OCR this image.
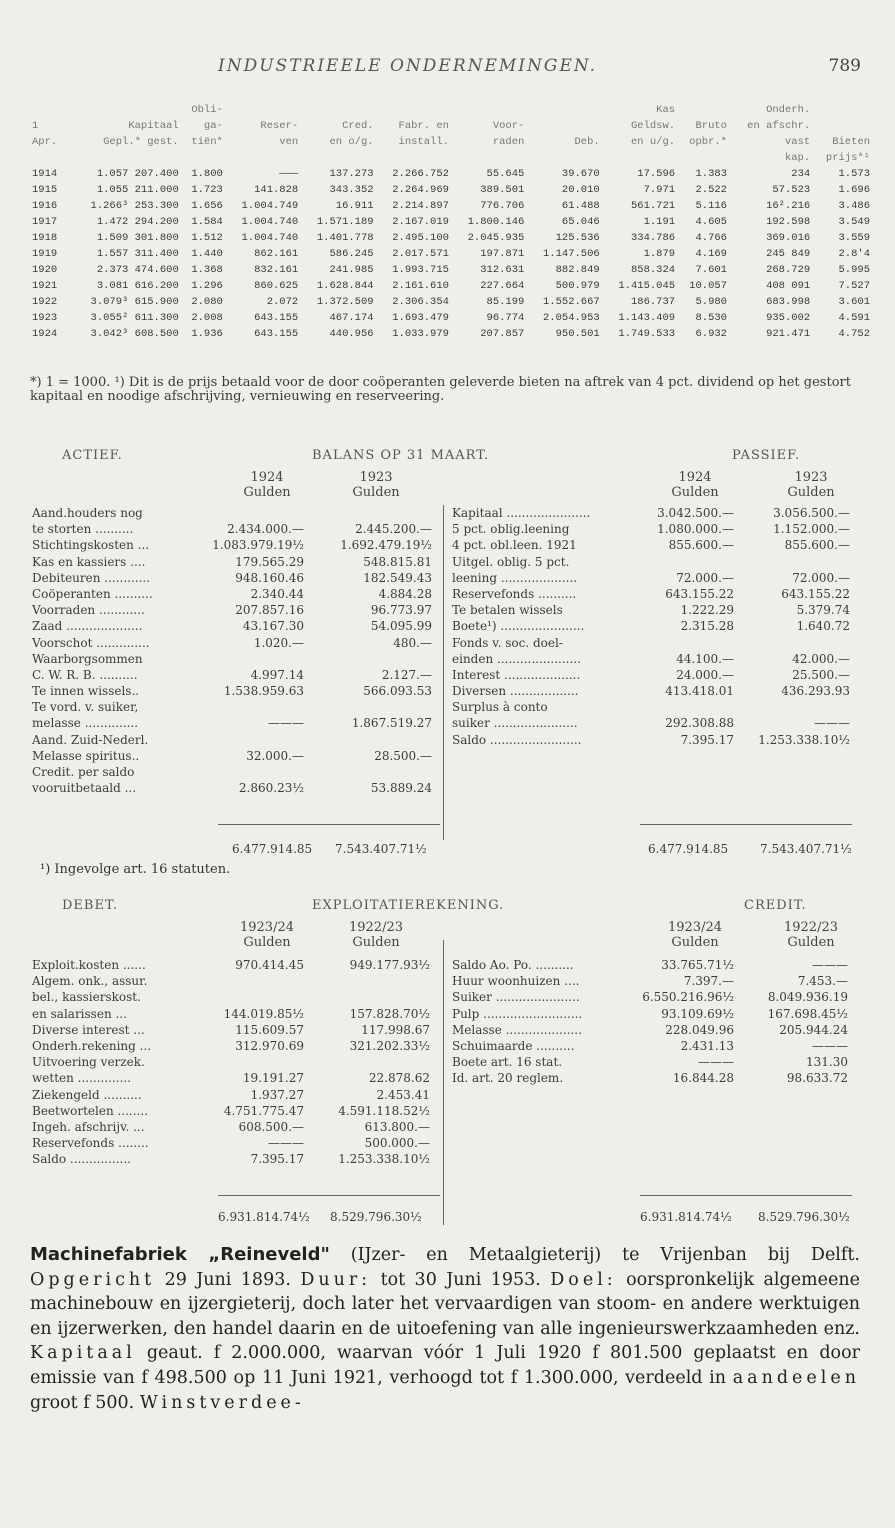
INDUSTRIEELE ONDERNEMINGEN.	789
		Obli-						Kas		Onderh.	
1	Kapitaal	ga-	Reser-	Cred.	Fabr. en	Voor-		Geldsw.	Bruto	en afschr.	
Apr.	Gepl.* gest.	tiën*	ven	en o/g.	install.	raden	Deb.	en u/g.	opbr.*	vast	Bieten
										kap.	prijs*¹
1914	1.057 207.400	1.800	———	137.273	2.266.752	55.645	39.670	17.596	1.383	234	1.573
1915	1.055 211.000	1.723	141.828	343.352	2.264.969	389.501	20.010	7.971	2.522	57.523	1.696
1916	1.266³ 253.300	1.656	1.004.749	16.911	2.214.897	776.706	61.488	561.721	5.116	16².216	3.486
1917	1.472 294.200	1.584	1.004.740	1.571.189	2.167.019	1.800.146	65.046	1.191	4.605	192.598	3.549
1918	1.509 301.800	1.512	1.004.740	1.401.778	2.495.100	2.045.935	125.536	334.786	4.766	369.016	3.559
1919	1.557 311.400	1.440	862.161	586.245	2.017.571	197.871	1.147.506	1.879	4.169	245 849	2.8'4
1920	2.373 474.600	1.368	832.161	241.985	1.993.715	312.631	882.849	858.324	7.601	268.729	5.995
1921	3.081 616.200	1.296	860.625	1.628.844	2.161.610	227.664	500.979	1.415.045	10.057	408 091	7.527
1922	3.079³ 615.900	2.080	2.072	1.372.509	2.306.354	85.199	1.552.667	186.737	5.980	683.998	3.601
1923	3.055² 611.300	2.008	643.155	467.174	1.693.479	96.774	2.054.953	1.143.409	8.530	935.002	4.591
1924	3.042³ 608.500	1.936	643.155	440.956	1.033.979	207.857	950.501	1.749.533	6.932	921.471	4.752
*) 1 = 1000. ¹) Dit is de prijs betaald voor de door coöperanten geleverde bieten na aftrek van 4 pct. dividend op het gestort kapitaal en noodige afschrijving, vernieuwing en reserveering.
ACTIEF.	BALANS OP 31 MAART.	PASSIEF.
1924
Gulden
1923
Gulden
1924
Gulden
1923
Gulden
Aand.houders nog
te storten ..........	2.434.000.—	2.445.200.—
Stichtingskosten ...	1.083.979.19½	1.692.479.19½
Kas en kassiers ....	179.565.29	548.815.81
Debiteuren ............	948.160.46	182.549.43
Coöperanten ..........	2.340.44	4.884.28
Voorraden ............	207.857.16	96.773.97
Zaad ....................	43.167.30	54.095.99
Voorschot ..............	1.020.—	480.—
Waarborgsommen
C. W. R. B. ..........	4.997.14	2.127.—
Te innen wissels..	1.538.959.63	566.093.53
Te vord. v. suiker,
melasse ..............	———	1.867.519.27
Aand. Zuid-Nederl.
Melasse spiritus..	32.000.—	28.500.—
Credit. per saldo
vooruitbetaald ...	2.860.23½	53.889.24
Kapitaal ......................	3.042.500.—	3.056.500.—
5 pct. oblig.leening	1.080.000.—	1.152.000.—
4 pct. obl.leen. 1921	855.600.—	855.600.—
Uitgel. oblig. 5 pct.
leening ....................	72.000.—	72.000.—
Reservefonds ..........	643.155.22	643.155.22
Te betalen wissels	1.222.29	5.379.74
Boete¹) ......................	2.315.28	1.640.72
Fonds v. soc. doel-
einden ......................	44.100.—	42.000.—
Interest ....................	24.000.—	25.500.—
Diversen ..................	413.418.01	436.293.93
Surplus à conto
suiker ......................	292.308.88	———
Saldo ........................	7.395.17 1.253.338.10½
6.477.914.85 7.543.407.71½	6.477.914.85	7.543.407.71½
¹) Ingevolge art. 16 statuten.
DEBET.	EXPLOITATIEREKENING.	CREDIT.
1923/24
Gulden
1922/23
Gulden
1923/24
Gulden
1922/23
Gulden
Exploit.kosten ......	970.414.45	949.177.93½
Algem. onk., assur.
bel., kassierskost.
en salarissen ...	144.019.85½	157.828.70½
Diverse interest ...	115.609.57	117.998.67
Onderh.rekening ...	312.970.69	321.202.33½
Uitvoering verzek.
wetten ..............	19.191.27	22.878.62
Ziekengeld ..........	1.937.27	2.453.41
Beetwortelen ........	4.751.775.47	4.591.118.52½
Ingeh. afschrijv. ...	608.500.—	613.800.—
Reservefonds ........	———	500.000.—
Saldo ................	7.395.17	1.253.338.10½
Saldo Ao. Po. ..........	33.765.71½	———
Huur woonhuizen ....	7.397.—	7.453.—
Suiker ......................	6.550.216.96½	8.049.936.19
Pulp ..........................	93.109.69½	167.698.45½
Melasse ....................	228.049.96	205.944.24
Schuimaarde ..........	2.431.13	———
Boete art. 16 stat.	———	131.30
Id. art. 20 reglem.	16.844.28	98.633.72
6.931.814.74½ 8.529.796.30½	6.931.814.74½ 8.529.796.30½
Machinefabriek „Reineveld" (IJzer- en Metaalgieterij) te Vrijenban bij Delft. Opgericht 29 Juni 1893. Duur: tot 30 Juni 1953. Doel: oorspronkelijk algemeene machinebouw en ijzergieterij, doch later het vervaardigen van stoom- en andere werktuigen en ijzerwerken, den handel daarin en de uitoefening van alle ingenieurswerkzaamheden enz. Kapitaal geaut. f 2.000.000, waarvan vóór 1 Juli 1920 f 801.500 geplaatst en door emissie van f 498.500 op 11 Juni 1921, verhoogd tot f 1.300.000, verdeeld in aandeelen groot f 500. Winstverdee-
